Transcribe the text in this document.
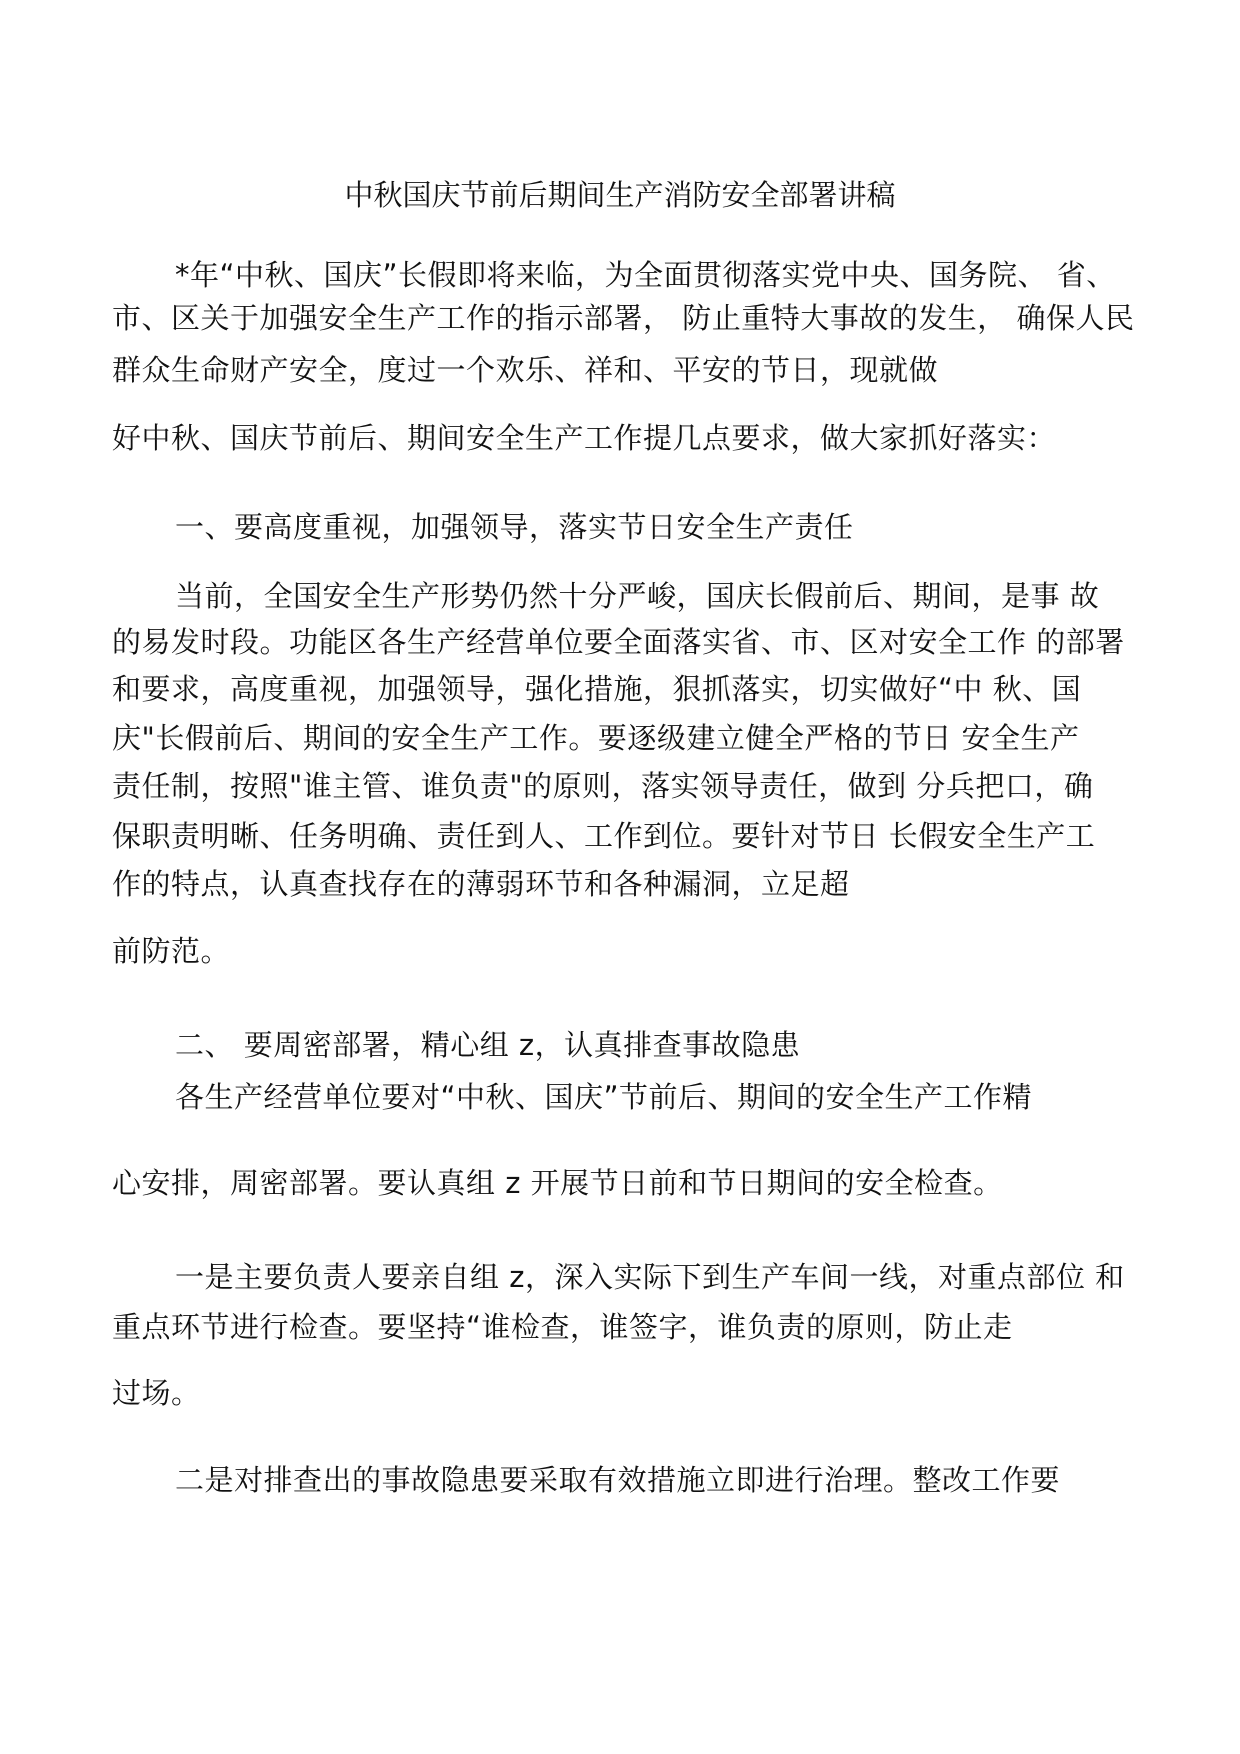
中秋国庆节前后期间生产消防安全部署讲稿
*年“中秋、国庆”长假即将来临，为全面贯彻落实党中央、国务院、 省、
市、区关于加强安全生产工作的指示部署， 防止重特大事故的发生， 确保人民
群众生命财产安全，度过一个欢乐、祥和、平安的节日，现就做
好中秋、国庆节前后、期间安全生产工作提几点要求，做大家抓好落实：
一、要高度重视，加强领导，落实节日安全生产责任
当前，全国安全生产形势仍然十分严峻，国庆长假前后、期间，是事 故
的易发时段。功能区各生产经营单位要全面落实省、市、区对安全工作 的部署
和要求，高度重视，加强领导，强化措施，狠抓落实，切实做好“中 秋、国
庆"长假前后、期间的安全生产工作。要逐级建立健全严格的节日 安全生产
责任制，按照"谁主管、谁负责"的原则，落实领导责任，做到 分兵把口，确
保职责明晰、任务明确、责任到人、工作到位。要针对节日 长假安全生产工
作的特点，认真查找存在的薄弱环节和各种漏洞，立足超
前防范。
二、 要周密部署，精心组 z，认真排查事故隐患
各生产经营单位要对“中秋、国庆”节前后、期间的安全生产工作精
心安排，周密部署。要认真组 z 开展节日前和节日期间的安全检查。
一是主要负责人要亲自组 z，深入实际下到生产车间一线，对重点部位 和
重点环节进行检查。要坚持“谁检查，谁签字，谁负责的原则，防止走
过场。
二是对排查出的事故隐患要采取有效措施立即进行治理。整改工作要
